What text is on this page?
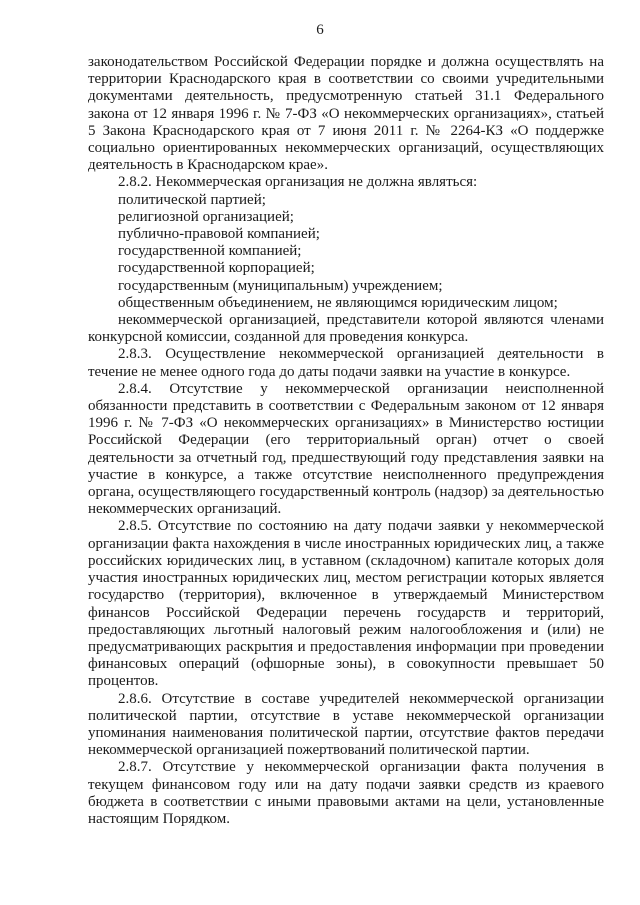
6

законодательством Российской Федерации порядке и должна осуществлять на территории Краснодарского края в соответствии со своими учредительными документами деятельность, предусмотренную статьей 31.1 Федерального закона от 12 января 1996 г. № 7-ФЗ «О некоммерческих организациях», статьей 5 Закона Краснодарского края от 7 июня 2011 г. № 2264-КЗ «О поддержке социально ориентированных некоммерческих организаций, осуществляющих деятельность в Краснодарском крае».

2.8.2. Некоммерческая организация не должна являться:

политической партией;
религиозной организацией;
публично-правовой компанией;
государственной компанией;
государственной корпорацией;
государственным (муниципальным) учреждением;
общественным объединением, не являющимся юридическим лицом;
некоммерческой организацией, представители которой являются членами конкурсной комиссии, созданной для проведения конкурса.

2.8.3. Осуществление некоммерческой организацией деятельности в течение не менее одного года до даты подачи заявки на участие в конкурсе.

2.8.4. Отсутствие у некоммерческой организации неисполненной обязанности представить в соответствии с Федеральным законом от 12 января 1996 г. № 7-ФЗ «О некоммерческих организациях» в Министерство юстиции Российской Федерации (его территориальный орган) отчет о своей деятельности за отчетный год, предшествующий году представления заявки на участие в конкурсе, а также отсутствие неисполненного предупреждения органа, осуществляющего государственный контроль (надзор) за деятельностью некоммерческих организаций.

2.8.5. Отсутствие по состоянию на дату подачи заявки у некоммерческой организации факта нахождения в числе иностранных юридических лиц, а также российских юридических лиц, в уставном (складочном) капитале которых доля участия иностранных юридических лиц, местом регистрации которых является государство (территория), включенное в утверждаемый Министерством финансов Российской Федерации перечень государств и территорий, предоставляющих льготный налоговый режим налогообложения и (или) не предусматривающих раскрытия и предоставления информации при проведении финансовых операций (офшорные зоны), в совокупности превышает 50 процентов.

2.8.6. Отсутствие в составе учредителей некоммерческой организации политической партии, отсутствие в уставе некоммерческой организации упоминания наименования политической партии, отсутствие фактов передачи некоммерческой организацией пожертвований политической партии.

2.8.7. Отсутствие у некоммерческой организации факта получения в текущем финансовом году или на дату подачи заявки средств из краевого бюджета в соответствии с иными правовыми актами на цели, установленные настоящим Порядком.
